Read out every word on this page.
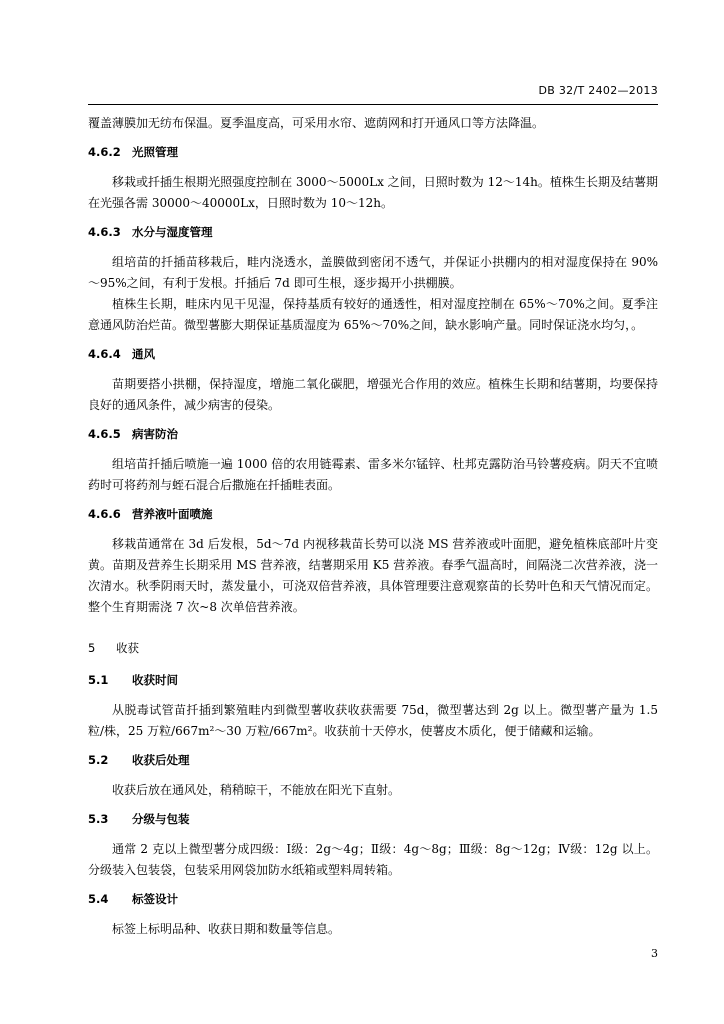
DB 32/T 2402—2013

覆盖薄膜加无纺布保温。夏季温度高，可采用水帘、遮荫网和打开通风口等方法降温。

4.6.2 光照管理

移栽或扦插生根期光照强度控制在 3000～5000Lx 之间，日照时数为 12～14h。植株生长期及结薯期在光强各需 30000～40000Lx，日照时数为 10～12h。

4.6.3 水分与湿度管理

组培苗的扦插苗移栽后，畦内浇透水，盖膜做到密闭不透气，并保证小拱棚内的相对湿度保持在 90%～95%之间，有利于发根。扦插后 7d 即可生根，逐步揭开小拱棚膜。

植株生长期，畦床内见干见湿，保持基质有较好的通透性，相对湿度控制在 65%～70%之间。夏季注意通风防治烂苗。微型薯膨大期保证基质湿度为 65%～70%之间，缺水影响产量。同时保证浇水均匀，。

4.6.4 通风

苗期要搭小拱棚，保持湿度，增施二氧化碳肥，增强光合作用的效应。植株生长期和结薯期，均要保持良好的通风条件，减少病害的侵染。

4.6.5 病害防治

组培苗扦插后喷施一遍 1000 倍的农用链霉素、雷多米尔锰锌、杜邦克露防治马铃薯疫病。阴天不宜喷药时可将药剂与蛭石混合后撒施在扦插畦表面。

4.6.6 营养液叶面喷施

移栽苗通常在 3d 后发根，5d～7d 内视移栽苗长势可以浇 MS 营养液或叶面肥，避免植株底部叶片变黄。苗期及营养生长期采用 MS 营养液，结薯期采用 K5 营养液。春季气温高时，间隔浇二次营养液，浇一次清水。秋季阴雨天时，蒸发量小，可浇双倍营养液，具体管理要注意观察苗的长势叶色和天气情况而定。整个生育期需浇 7 次~8 次单倍营养液。

5 收获
5.1 收获时间

从脱毒试管苗扦插到繁殖畦内到微型薯收获收获需要 75d，微型薯达到 2g 以上。微型薯产量为 1.5 粒/株，25 万粒/667m²～30 万粒/667m²。收获前十天停水，使薯皮木质化，便于储藏和运输。

5.2 收获后处理

收获后放在通风处，稍稍晾干，不能放在阳光下直射。

5.3 分级与包装

通常 2 克以上微型薯分成四级：Ⅰ级：2g～4g；Ⅱ级：4g～8g；Ⅲ级：8g～12g；Ⅳ级：12g 以上。分级装入包装袋，包装采用网袋加防水纸箱或塑料周转箱。

5.4 标签设计

标签上标明品种、收获日期和数量等信息。

3
